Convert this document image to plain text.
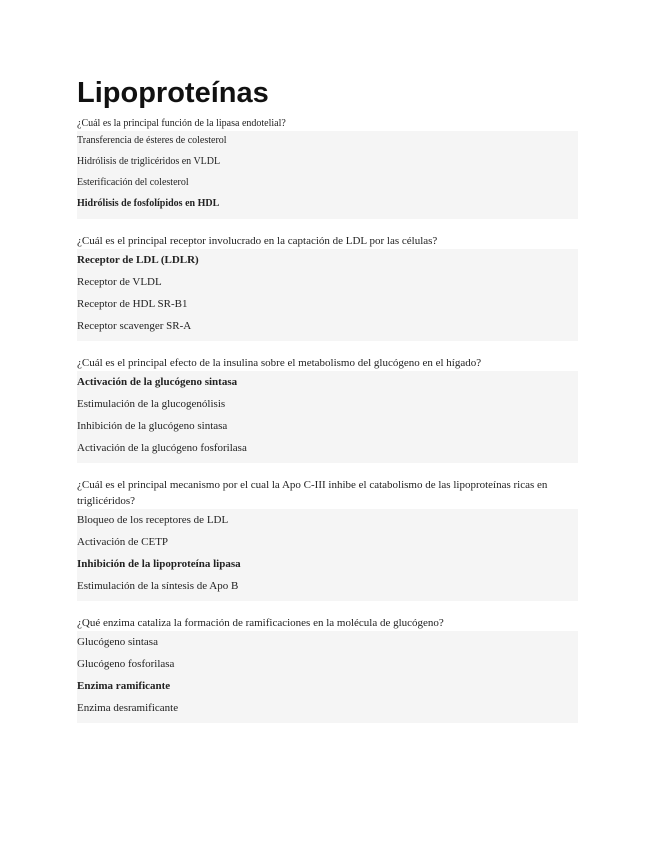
Lipoproteínas
¿Cuál es la principal función de la lipasa endotelial?
Transferencia de ésteres de colesterol
Hidrólisis de triglicéridos en VLDL
Esterificación del colesterol
Hidrólisis de fosfolípidos en HDL
¿Cuál es el principal receptor involucrado en la captación de LDL por las células?
Receptor de LDL (LDLR)
Receptor de VLDL
Receptor de HDL SR-B1
Receptor scavenger SR-A
¿Cuál es el principal efecto de la insulina sobre el metabolismo del glucógeno en el hígado?
Activación de la glucógeno sintasa
Estimulación de la glucogenólisis
Inhibición de la glucógeno sintasa
Activación de la glucógeno fosforilasa
¿Cuál es el principal mecanismo por el cual la Apo C-III inhibe el catabolismo de las lipoproteínas ricas en triglicéridos?
Bloqueo de los receptores de LDL
Activación de CETP
Inhibición de la lipoproteína lipasa
Estimulación de la síntesis de Apo B
¿Qué enzima cataliza la formación de ramificaciones en la molécula de glucógeno?
Glucógeno sintasa
Glucógeno fosforilasa
Enzima ramificante
Enzima desramificante
